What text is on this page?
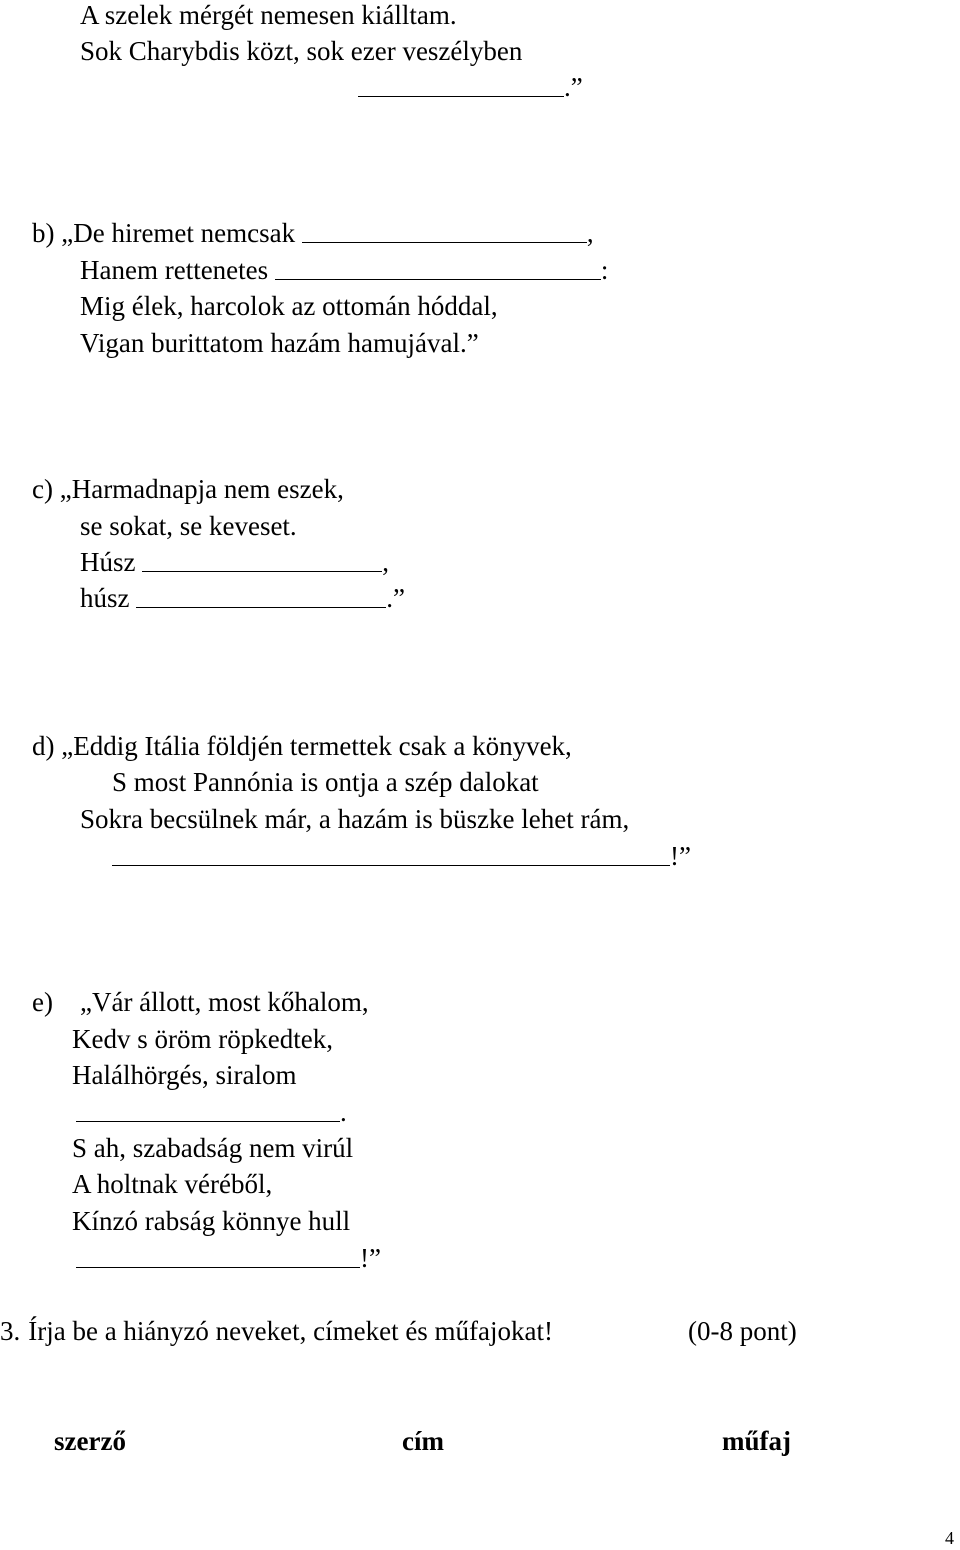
A szelek mérgét nemesen kiálltam.
Sok Charybdis közt, sok ezer veszélyben
.”
b) „De hiremet nemcsak	,
Hanem rettenetes	:
Mig élek, harcolok az ottomán hóddal,
Vigan burittatom hazám hamujával.”
c) „Harmadnapja nem eszek,
se sokat, se keveset.
Húsz	,
húsz	.”
d) „Eddig Itália földjén termettek csak a könyvek,
S most Pannónia is ontja a szép dalokat
Sokra becsülnek már, a hazám is büszke lehet rám,
!”
e)    „Vár állott, most kőhalom,
Kedv s öröm röpkedtek,
Halálhörgés, siralom
.
S ah, szabadság nem virúl
A holtnak véréből,
Kínzó rabság könnye hull
!”
3. Írja be a hiányzó neveket, címeket és műfajokat!	(0-8 pont)
szerző	cím	műfaj
4
